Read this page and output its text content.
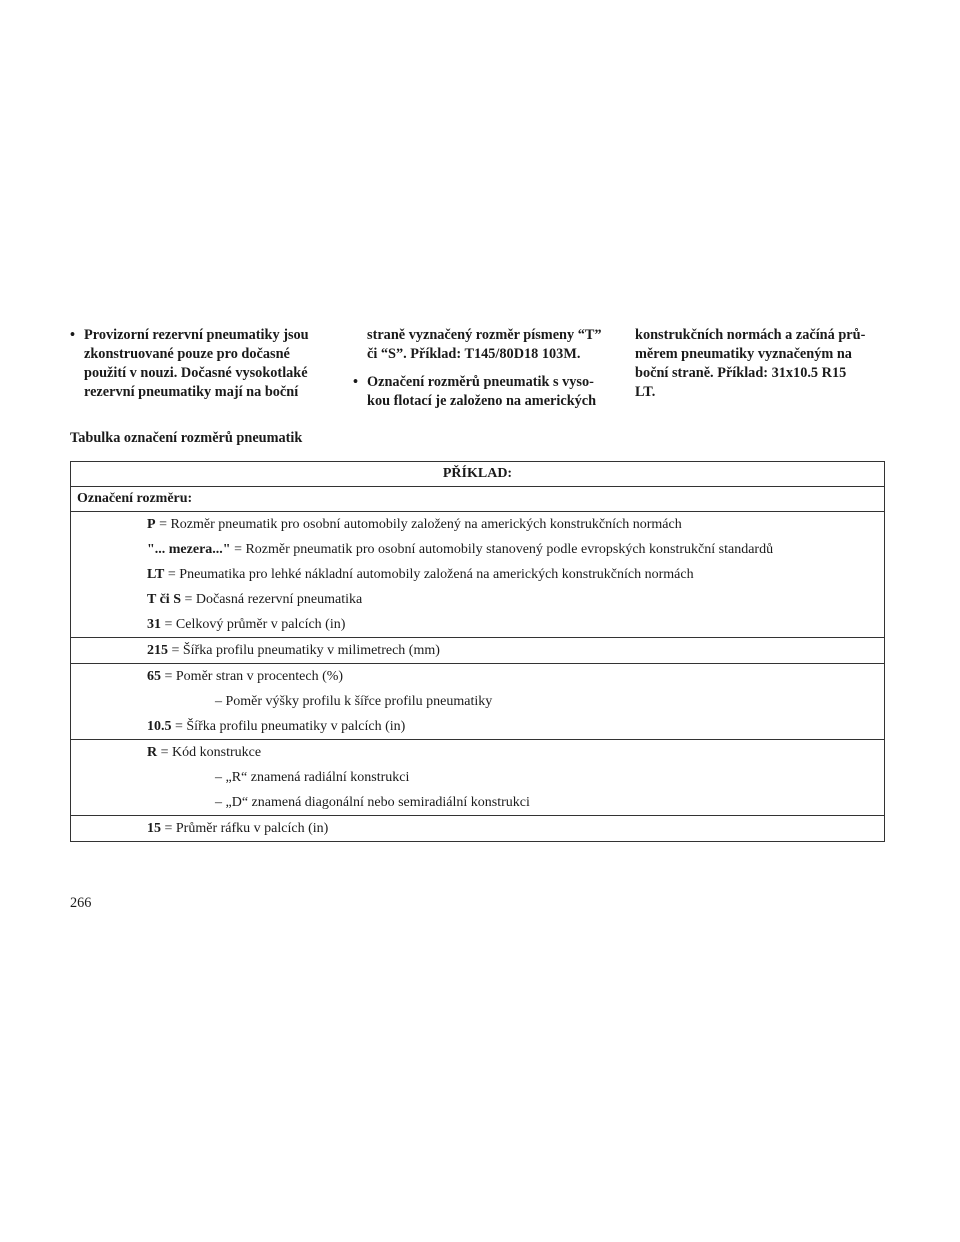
• Provizorní rezervní pneumatiky jsou
zkonstruované pouze pro dočasné
použití v nouzi. Dočasné vysokotlaké
rezervní pneumatiky mají na boční
straně vyznačený rozměr písmeny “T”
či “S”. Příklad: T145/80D18 103M.
• Označení rozměrů pneumatik s vyso-
kou flotací je založeno na amerických
konstrukčních normách a začíná prů-
měrem pneumatiky vyznačeným na
boční straně. Příklad: 31x10.5 R15
LT.
Tabulka označení rozměrů pneumatik
PŘÍKLAD:
Označení rozměru:

P = Rozměr pneumatik pro osobní automobily založený na amerických konstrukčních normách
"... mezera..." = Rozměr pneumatik pro osobní automobily stanovený podle evropských konstrukční standardů
LT = Pneumatika pro lehké nákladní automobily založená na amerických konstrukčních normách
T či S = Dočasná rezervní pneumatika
31 = Celkový průměr v palcích (in)

215 = Šířka profilu pneumatiky v milimetrech (mm)

65 = Poměr stran v procentech (%)
– Poměr výšky profilu k šířce profilu pneumatiky
10.5 = Šířka profilu pneumatiky v palcích (in)

R = Kód konstrukce
– „R“ znamená radiální konstrukci
– „D“ znamená diagonální nebo semiradiální konstrukci

15 = Průměr ráfku v palcích (in)
266
